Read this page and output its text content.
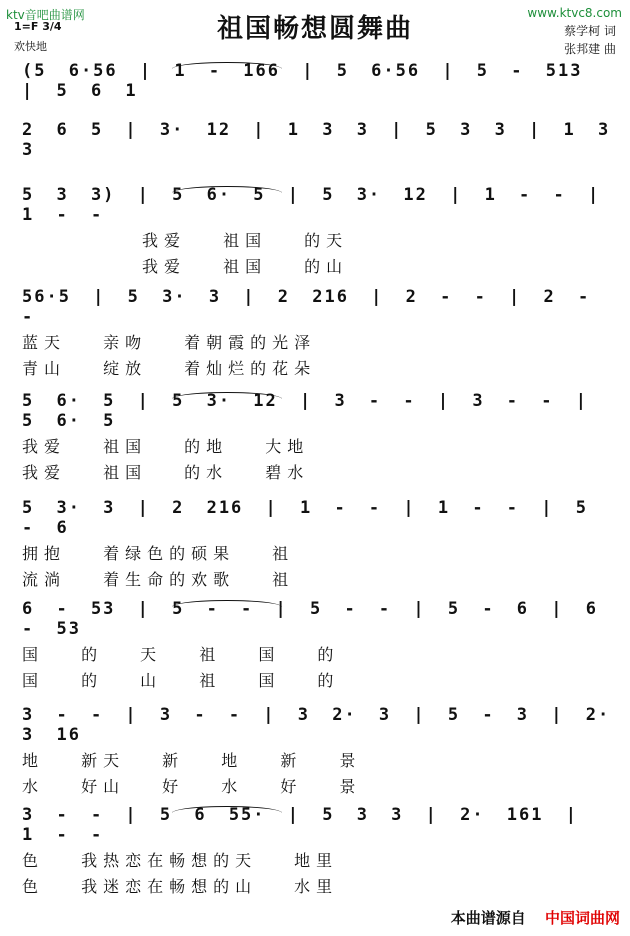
ktv音吧曲谱网	www.ktvc8.com
祖国畅想圆舞曲
1=F 3/4
欢快地
蔡学柯 词
张邦建 曲
(5 6·56 | 1 - 166 | 5 6·56 | 5 - 513 | 5 6 1
2 6 5 | 3· 12 | 1 3 3 | 5 3 3 | 1 3 3
5 3 3) | 5 6· 5 | 5 3· 12 | 1 - - | 1 - -
我爱 祖国 的天
我爱 祖国 的山
56·5 | 5 3· 3 | 2 216 | 2 - - | 2 - -
蓝天 亲吻 着朝霞的光泽
青山 绽放 着灿烂的花朵
5 6· 5 | 5 3· 12 | 3 - - | 3 - - | 5 6· 5
我爱 祖国 的地 大地
我爱 祖国 的水 碧水
5 3· 3 | 2 216 | 1 - - | 1 - - | 5 - 6
拥抱 着绿色的硕果 祖
流淌 着生命的欢歌 祖
6 - 53 | 5 - - | 5 - - | 5 - 6 | 6 - 53
国 的 天 祖 国 的
国 的 山 祖 国 的
3 - - | 3 - - | 3 2· 3 | 5 - 3 | 2· 3 16
地 新天 新 地 新 景
水 好山 好 水 好 景
3 - - | 5 6 55· | 5 3 3 | 2· 161 | 1 - -
色 我热恋在畅想的天 地里
色 我迷恋在畅想的山 水里
本曲谱源自 中国词曲网
